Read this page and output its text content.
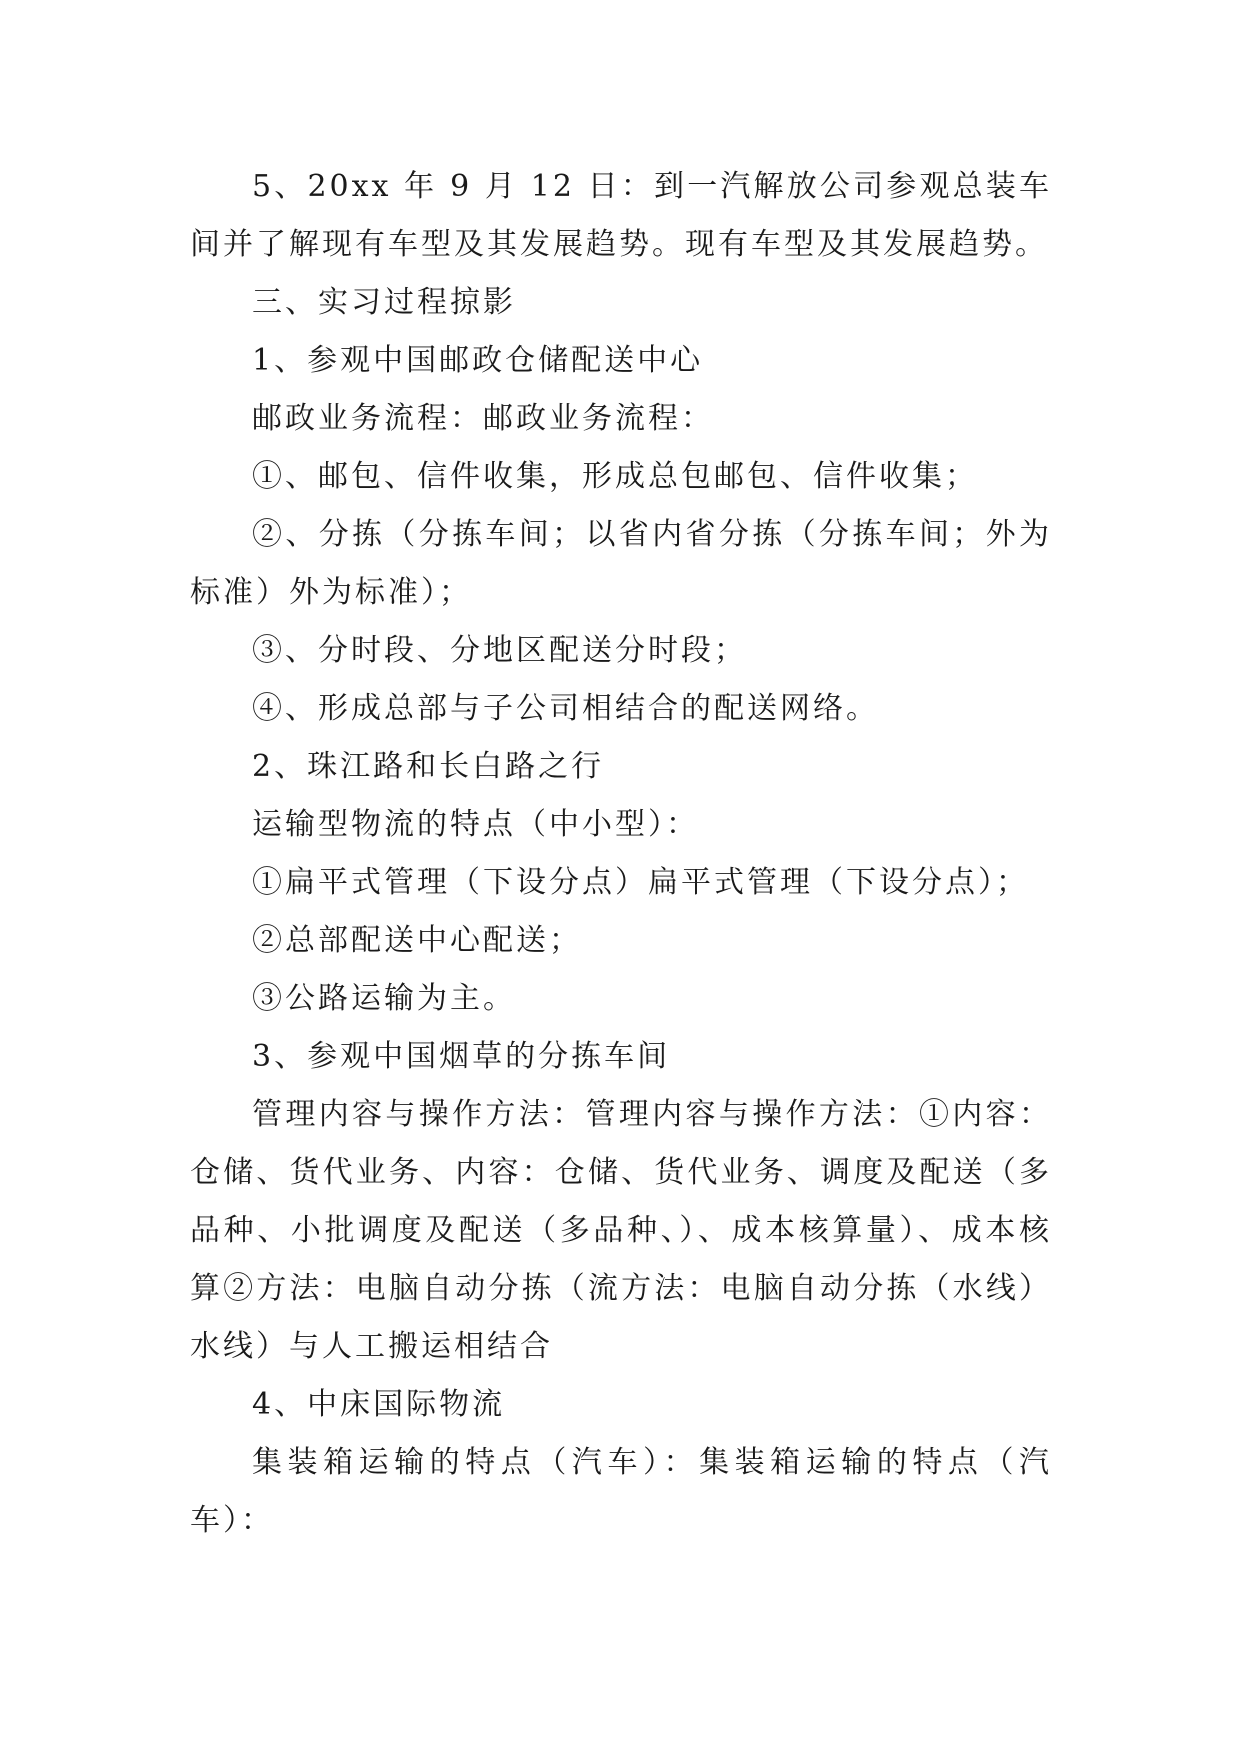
5、20xx 年 9 月 12 日：到一汽解放公司参观总装车间并了解现有车型及其发展趋势。现有车型及其发展趋势。

三、实习过程掠影

1、参观中国邮政仓储配送中心

邮政业务流程：邮政业务流程：

①、邮包、信件收集，形成总包邮包、信件收集；

②、分拣（分拣车间；以省内省分拣（分拣车间；外为标准）外为标准）；

③、分时段、分地区配送分时段；

④、形成总部与子公司相结合的配送网络。

2、珠江路和长白路之行

运输型物流的特点（中小型）：

①扁平式管理（下设分点）扁平式管理（下设分点）；

②总部配送中心配送；

③公路运输为主。

3、参观中国烟草的分拣车间

管理内容与操作方法：管理内容与操作方法：①内容：仓储、货代业务、内容：仓储、货代业务、调度及配送（多品种、小批调度及配送（多品种、）、成本核算量）、成本核算②方法：电脑自动分拣（流方法：电脑自动分拣（水线）水线）与人工搬运相结合

4、中床国际物流

集装箱运输的特点（汽车）：集装箱运输的特点（汽车）：
